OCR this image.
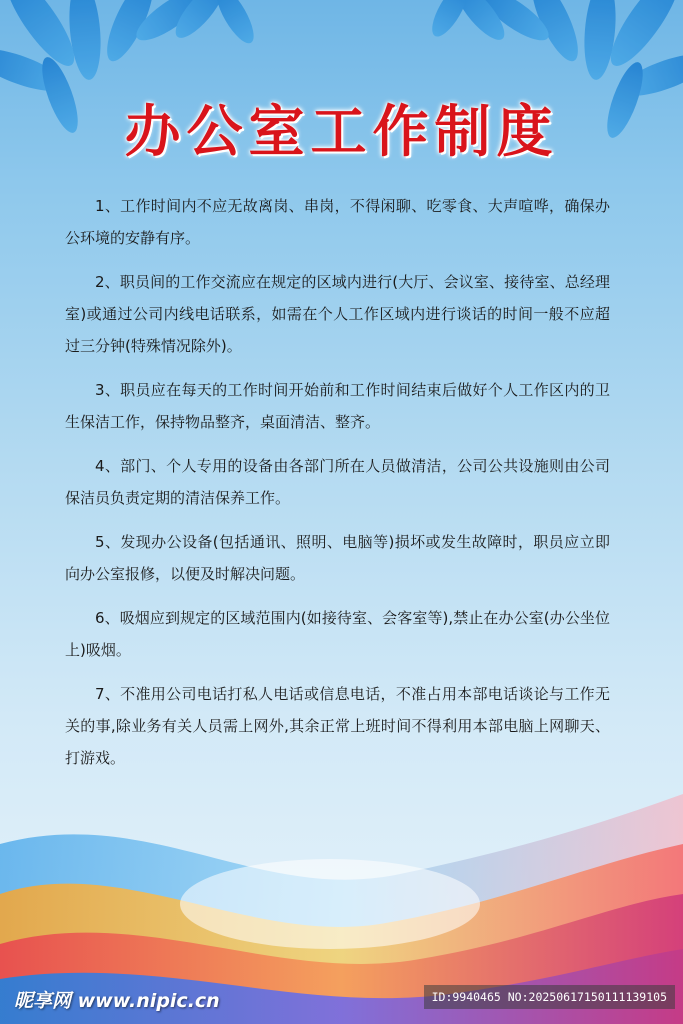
办公室工作制度

1、工作时间内不应无故离岗、串岗，不得闲聊、吃零食、大声喧哗，确保办公环境的安静有序。

2、职员间的工作交流应在规定的区域内进行(大厅、会议室、接待室、总经理室)或通过公司内线电话联系，如需在个人工作区域内进行谈话的时间一般不应超过三分钟(特殊情况除外)。

3、职员应在每天的工作时间开始前和工作时间结束后做好个人工作区内的卫生保洁工作，保持物品整齐，桌面清洁、整齐。

4、部门、个人专用的设备由各部门所在人员做清洁，公司公共设施则由公司保洁员负责定期的清洁保养工作。

5、发现办公设备(包括通讯、照明、电脑等)损坏或发生故障时，职员应立即向办公室报修，以便及时解决问题。

6、吸烟应到规定的区域范围内(如接待室、会客室等),禁止在办公室(办公坐位上)吸烟。

7、不准用公司电话打私人电话或信息电话，不准占用本部电话谈论与工作无关的事,除业务有关人员需上网外,其余正常上班时间不得利用本部电脑上网聊天、打游戏。

昵享网 www.nipic.cn	ID:9940465 NO:20250617150111139105
